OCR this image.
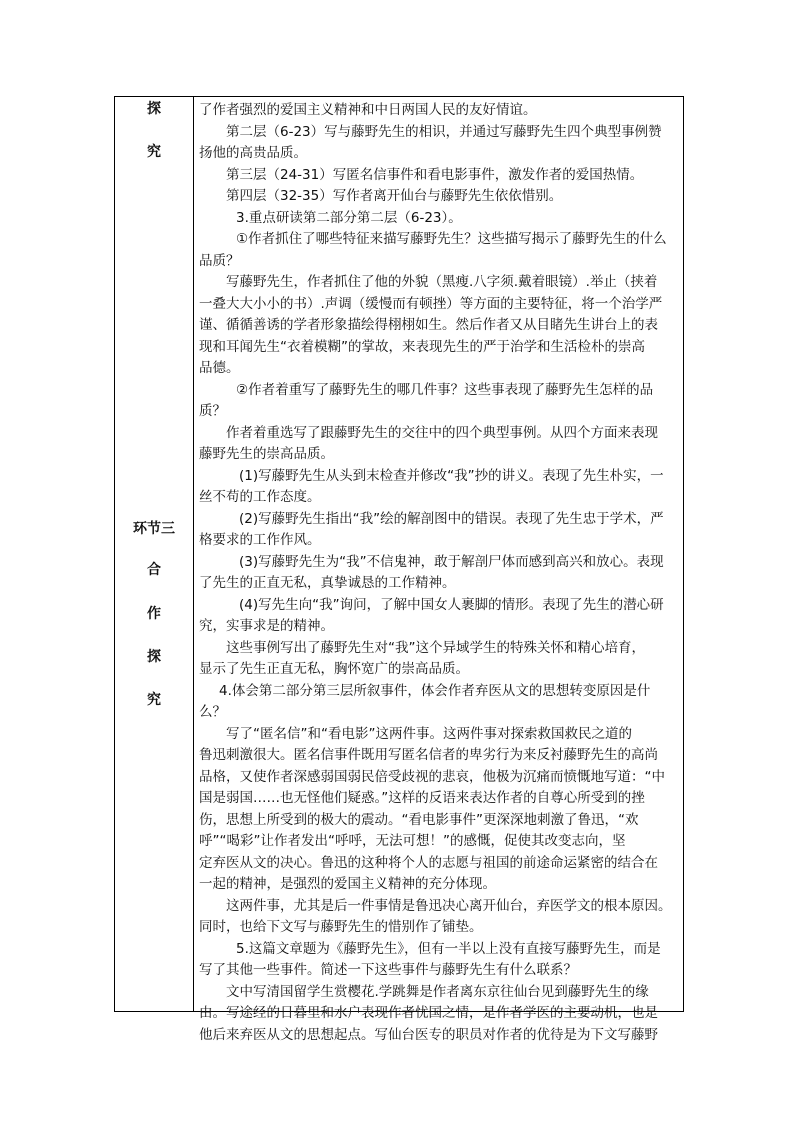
探
究
环节三
合
作
探
究
了作者强烈的爱国主义精神和中日两国人民的友好情谊。
第二层（6-23）写与藤野先生的相识，并通过写藤野先生四个典型事例赞
扬他的高贵品质。
第三层（24-31）写匿名信事件和看电影事件，激发作者的爱国热情。
第四层（32-35）写作者离开仙台与藤野先生依依惜别。
3.重点研读第二部分第二层（6-23）。
①作者抓住了哪些特征来描写藤野先生？这些描写揭示了藤野先生的什么
品质？
写藤野先生，作者抓住了他的外貌（黑瘦.八字须.戴着眼镜）.举止（挟着
一叠大大小小的书）.声调（缓慢而有顿挫）等方面的主要特征，将一个治学严
谨、循循善诱的学者形象描绘得栩栩如生。然后作者又从目睹先生讲台上的表
现和耳闻先生“衣着模糊”的掌故，来表现先生的严于治学和生活检朴的崇高
品德。
②作者着重写了藤野先生的哪几件事？这些事表现了藤野先生怎样的品
质？
作者着重选写了跟藤野先生的交往中的四个典型事例。从四个方面来表现
藤野先生的崇高品质。
(1)写藤野先生从头到末检查并修改“我”抄的讲义。表现了先生朴实，一
丝不苟的工作态度。
(2)写藤野先生指出“我”绘的解剖图中的错误。表现了先生忠于学术，严
格要求的工作作风。
(3)写藤野先生为“我”不信鬼神，敢于解剖尸体而感到高兴和放心。表现
了先生的正直无私，真挚诚恳的工作精神。
(4)写先生向“我”询问，了解中国女人裹脚的情形。表现了先生的潜心研
究，实事求是的精神。
这些事例写出了藤野先生对“我”这个异域学生的特殊关怀和精心培育，
显示了先生正直无私，胸怀宽广的崇高品质。
4.体会第二部分第三层所叙事件，体会作者弃医从文的思想转变原因是什
么？
写了“匿名信”和“看电影”这两件事。这两件事对探索救国救民之道的
鲁迅刺激很大。匿名信事件既用写匿名信者的卑劣行为来反衬藤野先生的高尚
品格，又使作者深感弱国弱民倍受歧视的悲哀，他极为沉痛而愤慨地写道：“中
国是弱国……也无怪他们疑惑。”这样的反语来表达作者的自尊心所受到的挫
伤，思想上所受到的极大的震动。“看电影事件”更深深地刺激了鲁迅，“欢
呼”“喝彩”让作者发出“呼呼，无法可想！”的感慨，促使其改变志向，坚
定弃医从文的决心。鲁迅的这种将个人的志愿与祖国的前途命运紧密的结合在
一起的精神，是强烈的爱国主义精神的充分体现。
这两件事，尤其是后一件事情是鲁迅决心离开仙台，弃医学文的根本原因。
同时，也给下文写与藤野先生的惜别作了铺垫。
5.这篇文章题为《藤野先生》，但有一半以上没有直接写藤野先生，而是
写了其他一些事件。简述一下这些事件与藤野先生有什么联系？
文中写清国留学生赏樱花.学跳舞是作者离东京往仙台见到藤野先生的缘
由。写途经的日暮里和水户表现作者忧国之情，是作者学医的主要动机，也是
他后来弃医从文的思想起点。写仙台医专的职员对作者的优待是为下文写藤野
